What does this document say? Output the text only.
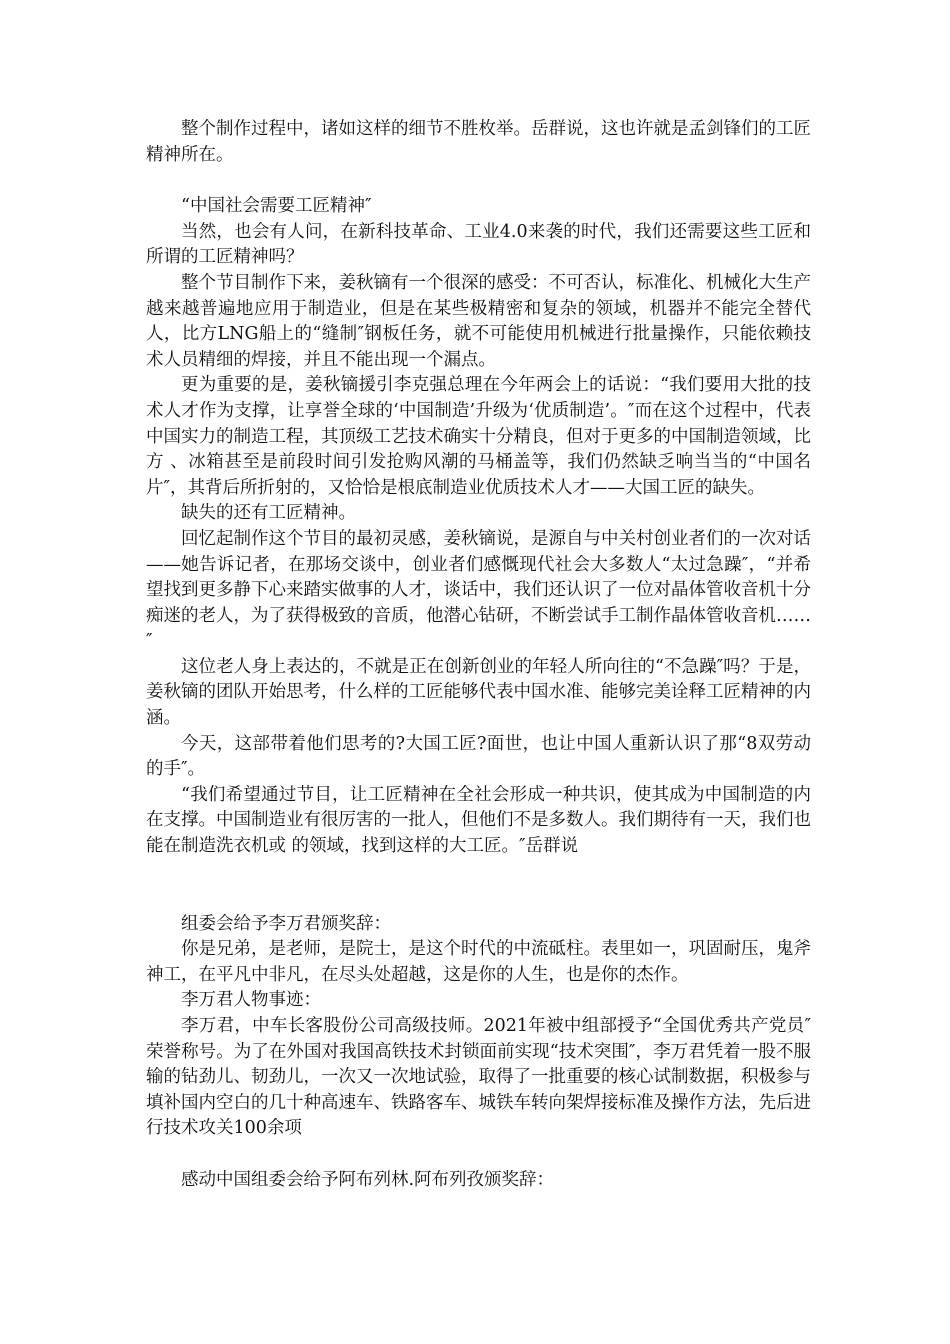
整个制作过程中，诸如这样的细节不胜枚举。岳群说，这也许就是孟剑锋们的工匠精神所在。

“中国社会需要工匠精神″

当然，也会有人问，在新科技革命、工业4.0来袭的时代，我们还需要这些工匠和所谓的工匠精神吗？

整个节目制作下来，姜秋镝有一个很深的感受：不可否认，标准化、机械化大生产越来越普遍地应用于制造业，但是在某些极精密和复杂的领域，机器并不能完全替代人，比方LNG船上的“缝制″钢板任务，就不可能使用机械进行批量操作，只能依赖技术人员精细的焊接，并且不能出现一个漏点。

更为重要的是，姜秋镝援引李克强总理在今年两会上的话说：“我们要用大批的技术人才作为支撑，让享誉全球的‘中国制造’升级为‘优质制造’。″而在这个过程中，代表中国实力的制造工程，其顶级工艺技术确实十分精良，但对于更多的中国制造领域，比方 、冰箱甚至是前段时间引发抢购风潮的马桶盖等，我们仍然缺乏响当当的“中国名片″，其背后所折射的，又恰恰是根底制造业优质技术人才——大国工匠的缺失。

缺失的还有工匠精神。

回忆起制作这个节目的最初灵感，姜秋镝说，是源自与中关村创业者们的一次对话——她告诉记者，在那场交谈中，创业者们感慨现代社会大多数人“太过急躁″，“并希望找到更多静下心来踏实做事的人才，谈话中，我们还认识了一位对晶体管收音机十分痴迷的老人，为了获得极致的音质，他潜心钻研，不断尝试手工制作晶体管收音机……″

这位老人身上表达的，不就是正在创新创业的年轻人所向往的“不急躁″吗？于是，姜秋镝的团队开始思考，什么样的工匠能够代表中国水准、能够完美诠释工匠精神的内涵。

今天，这部带着他们思考的?大国工匠?面世，也让中国人重新认识了那“8双劳动的手″。

“我们希望通过节目，让工匠精神在全社会形成一种共识，使其成为中国制造的内在支撑。中国制造业有很厉害的一批人，但他们不是多数人。我们期待有一天，我们也能在制造洗衣机或 的领域，找到这样的大工匠。″岳群说

组委会给予李万君颁奖辞：

你是兄弟，是老师，是院士，是这个时代的中流砥柱。表里如一，巩固耐压，鬼斧神工，在平凡中非凡，在尽头处超越，这是你的人生，也是你的杰作。

李万君人物事迹：

李万君，中车长客股份公司高级技师。2021年被中组部授予“全国优秀共产党员″荣誉称号。为了在外国对我国高铁技术封锁面前实现“技术突围″，李万君凭着一股不服输的钻劲儿、韧劲儿，一次又一次地试验，取得了一批重要的核心试制数据，积极参与填补国内空白的几十种高速车、铁路客车、城铁车转向架焊接标准及操作方法，先后进行技术攻关100余项

感动中国组委会给予阿布列林.阿布列孜颁奖辞：
